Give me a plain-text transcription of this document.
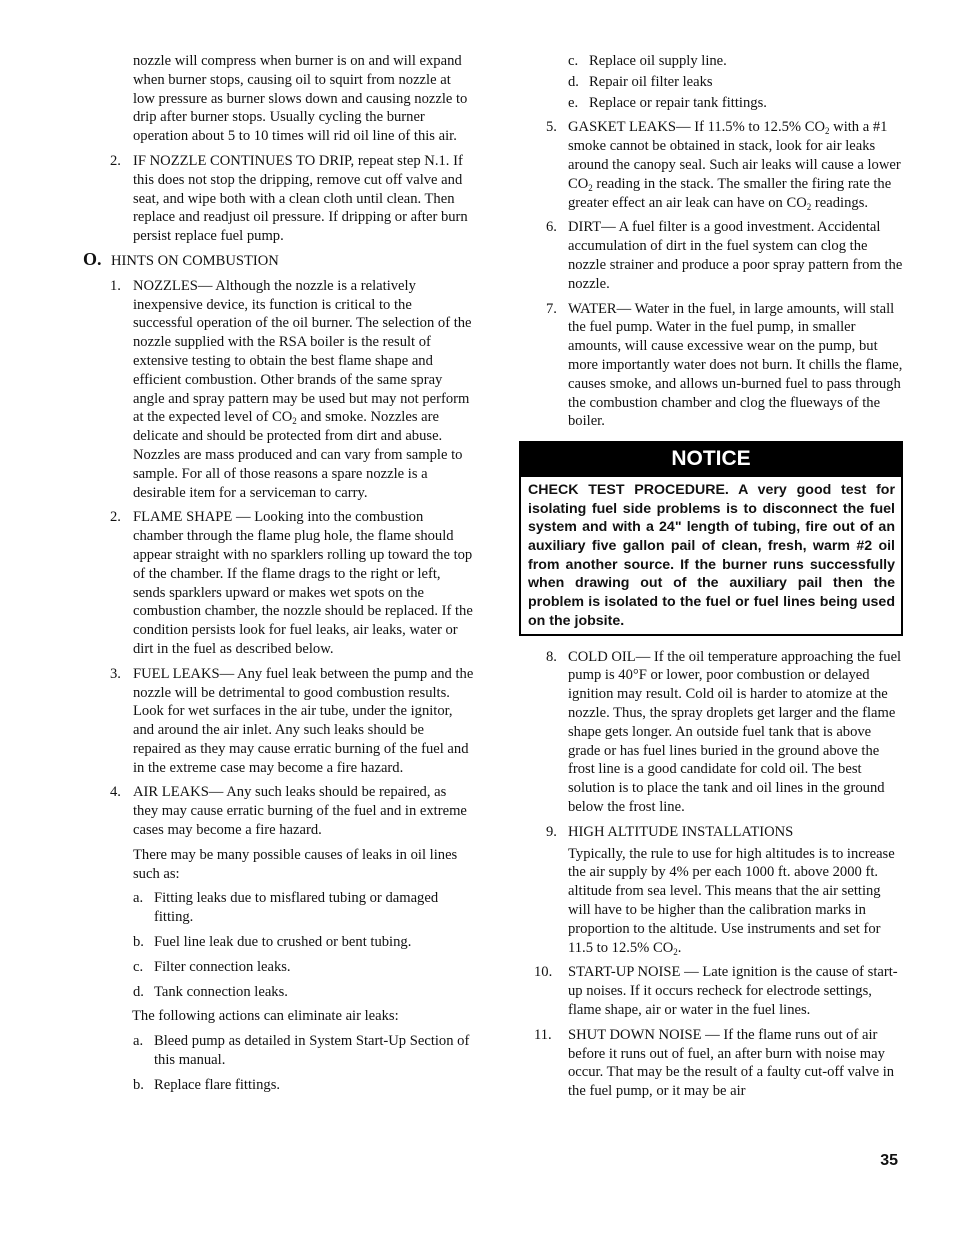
nozzle will compress when burner is on and will expand when burner stops, causing oil to squirt from nozzle at low pressure as burner slows down and causing nozzle to drip after burner stops. Usually cycling the burner operation about 5 to 10 times will rid oil line of this air.

2. IF NOZZLE CONTINUES TO DRIP, repeat step N.1. If this does not stop the dripping, remove cut off valve and seat, and wipe both with a clean cloth until clean. Then replace and readjust oil pressure. If dripping or after burn persist replace fuel pump.
O. HINTS ON COMBUSTION
1. NOZZLES— Although the nozzle is a relatively inexpensive device, its function is critical to the successful operation of the oil burner. The selection of the nozzle supplied with the RSA boiler is the result of extensive testing to obtain the best flame shape and efficient combustion. Other brands of the same spray angle and spray pattern may be used but may not perform at the expected level of $CO_2$ and smoke. Nozzles are delicate and should be protected from dirt and abuse. Nozzles are mass produced and can vary from sample to sample. For all of those reasons a spare nozzle is a desirable item for a serviceman to carry.
2. FLAME SHAPE — Looking into the combustion chamber through the flame plug hole, the flame should appear straight with no sparklers rolling up toward the top of the chamber. If the flame drags to the right or left, sends sparklers upward or makes wet spots on the combustion chamber, the nozzle should be replaced. If the condition persists look for fuel leaks, air leaks, water or dirt in the fuel as described below.
3. FUEL LEAKS— Any fuel leak between the pump and the nozzle will be detrimental to good combustion results. Look for wet surfaces in the air tube, under the ignitor, and around the air inlet. Any such leaks should be repaired as they may cause erratic burning of the fuel and in the extreme case may become a fire hazard.
4. AIR LEAKS— Any such leaks should be repaired, as they may cause erratic burning of the fuel and in extreme cases may become a fire hazard.

There may be many possible causes of leaks in oil lines such as:

a. Fitting leaks due to misflared tubing or damaged fitting.
b. Fuel line leak due to crushed or bent tubing.
c. Filter connection leaks.
d. Tank connection leaks.

The following actions can eliminate air leaks:

a. Bleed pump as detailed in System Start-Up Section of this manual.
b. Replace flare fittings.
c. Replace oil supply line.
d. Repair oil filter leaks
e. Replace or repair tank fittings.
5. GASKET LEAKS— If 11.5% to 12.5% $CO_2$ with a #1 smoke cannot be obtained in stack, look for air leaks around the canopy seal. Such air leaks will cause a lower $CO_2$ reading in the stack. The smaller the firing rate the greater effect an air leak can have on $CO_2$ readings.
6. DIRT— A fuel filter is a good investment. Accidental accumulation of dirt in the fuel system can clog the nozzle strainer and produce a poor spray pattern from the nozzle.
7. WATER— Water in the fuel, in large amounts, will stall the fuel pump. Water in the fuel pump, in smaller amounts, will cause excessive wear on the pump, but more importantly water does not burn. It chills the flame, causes smoke, and allows un-burned fuel to pass through the combustion chamber and clog the flueways of the boiler.
NOTICE
CHECK TEST PROCEDURE. A very good test for isolating fuel side problems is to disconnect the fuel system and with a 24" length of tubing, fire out of an auxiliary five gallon pail of clean, fresh, warm #2 oil from another source. If the burner runs successfully when drawing out of the auxiliary pail then the problem is isolated to the fuel or fuel lines being used on the jobsite.
8. COLD OIL— If the oil temperature approaching the fuel pump is 40°F or lower, poor combustion or delayed ignition may result. Cold oil is harder to atomize at the nozzle. Thus, the spray droplets get larger and the flame shape gets longer. An outside fuel tank that is above grade or has fuel lines buried in the ground above the frost line is a good candidate for cold oil. The best solution is to place the tank and oil lines in the ground below the frost line.
9. HIGH ALTITUDE INSTALLATIONS

Typically, the rule to use for high altitudes is to increase the air supply by 4% per each 1000 ft. above 2000 ft. altitude from sea level. This means that the air setting will have to be higher than the calibration marks in proportion to the altitude. Use instruments and set for 11.5 to 12.5% $CO_2$.

10. START-UP NOISE — Late ignition is the cause of start-up noises. If it occurs recheck for electrode settings, flame shape, air or water in the fuel lines.
11. SHUT DOWN NOISE — If the flame runs out of air before it runs out of fuel, an after burn with noise may occur. That may be the result of a faulty cut-off valve in the fuel pump, or it may be air
35
